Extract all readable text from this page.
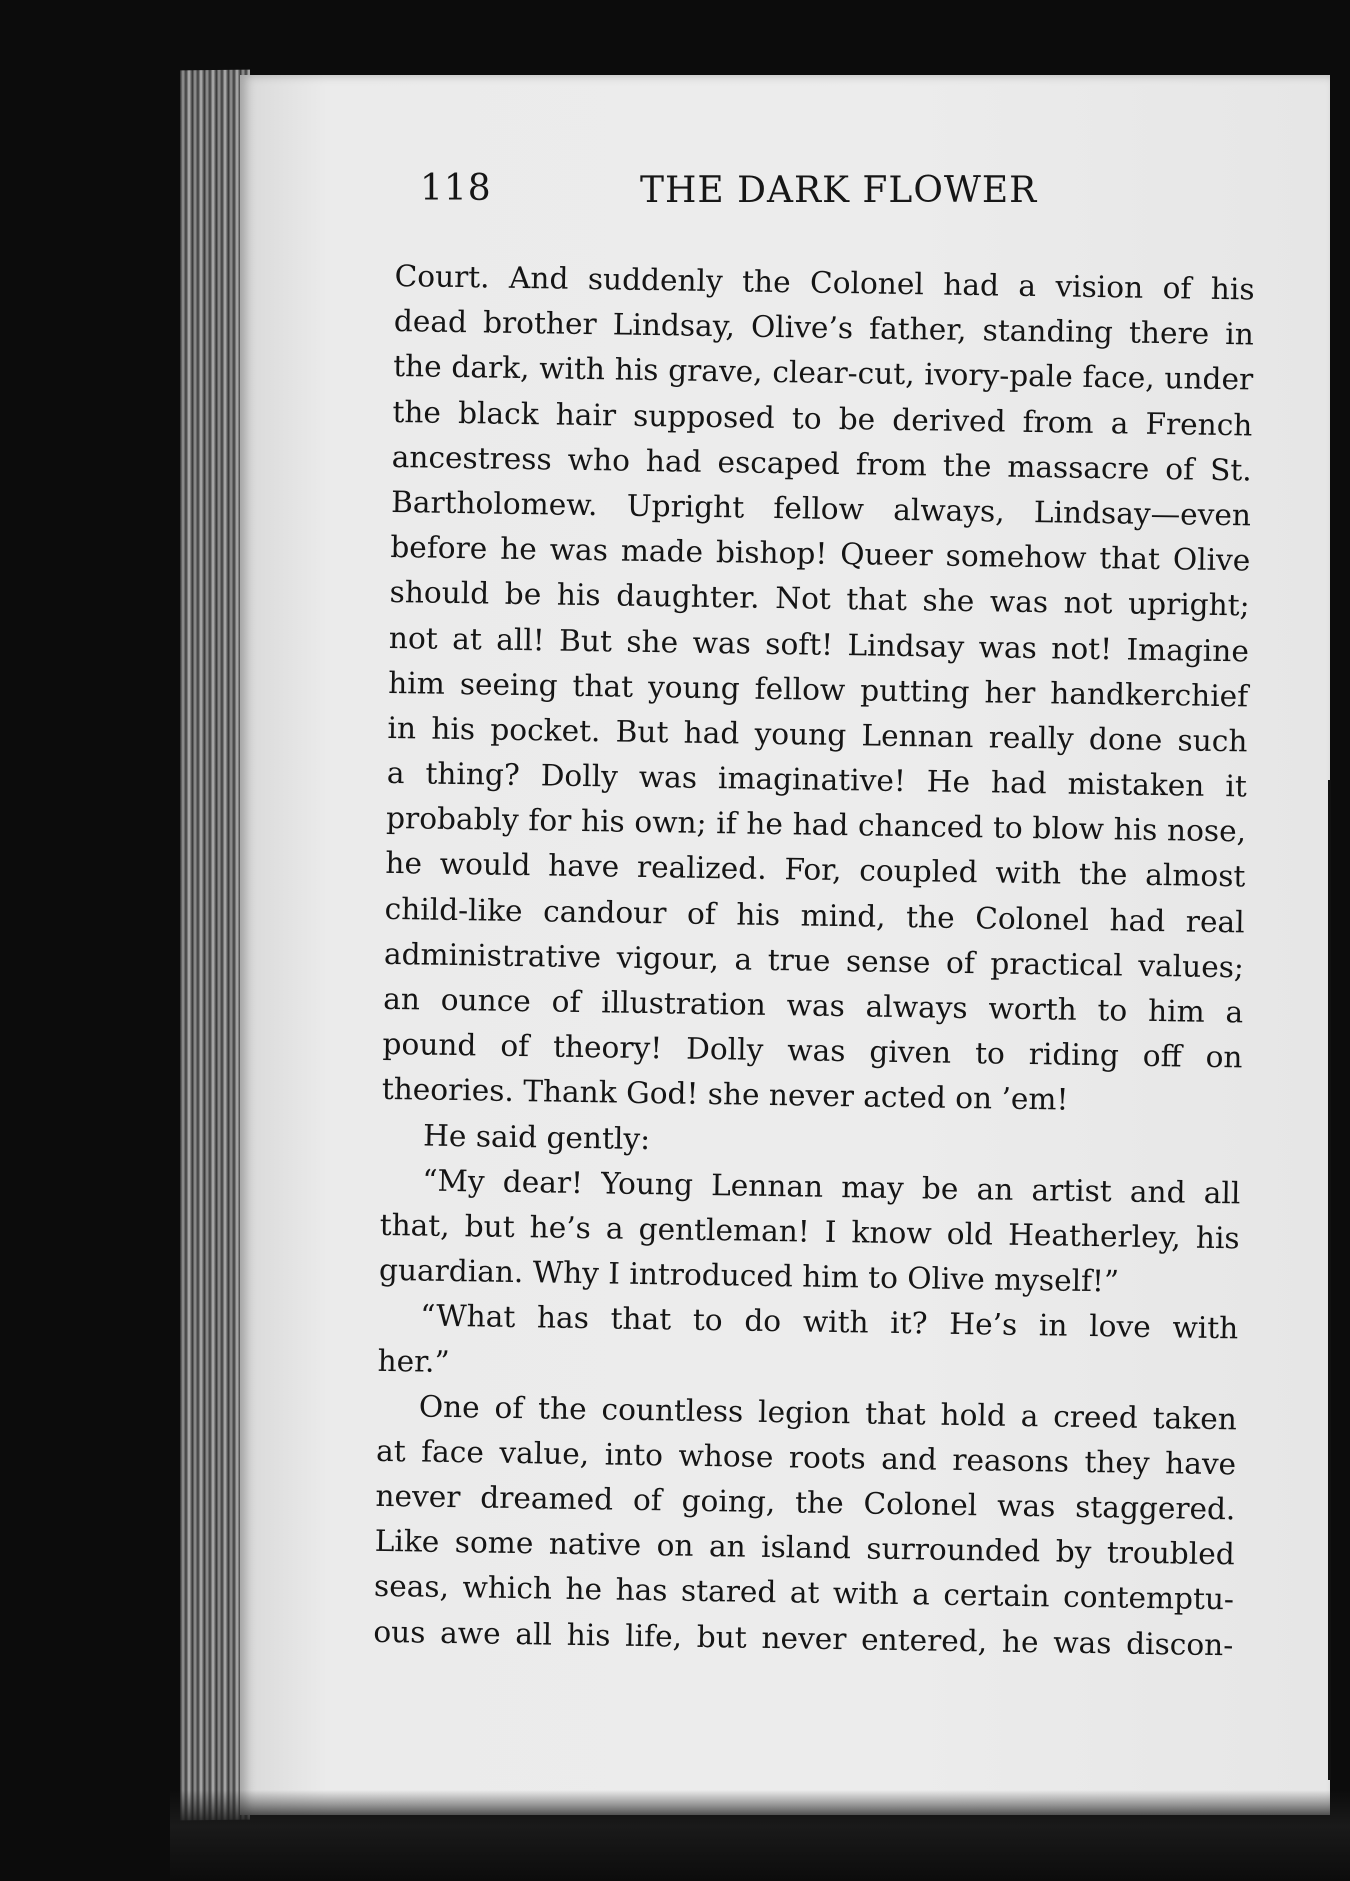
118	THE DARK FLOWER
Court. And suddenly the Colonel had a vision of his
dead brother Lindsay, Olive’s father, standing there in
the dark, with his grave, clear-cut, ivory-pale face, under
the black hair supposed to be derived from a French
ancestress who had escaped from the massacre of St.
Bartholomew. Upright fellow always, Lindsay—even
before he was made bishop! Queer somehow that Olive
should be his daughter. Not that she was not upright;
not at all! But she was soft! Lindsay was not! Imagine
him seeing that young fellow putting her handkerchief
in his pocket. But had young Lennan really done such
a thing? Dolly was imaginative! He had mistaken it
probably for his own; if he had chanced to blow his nose,
he would have realized. For, coupled with the almost
child-like candour of his mind, the Colonel had real
administrative vigour, a true sense of practical values;
an ounce of illustration was always worth to him a
pound of theory! Dolly was given to riding off on
theories. Thank God! she never acted on ’em!
He said gently:
“My dear! Young Lennan may be an artist and all
that, but he’s a gentleman! I know old Heatherley, his
guardian. Why I introduced him to Olive myself!”
“What has that to do with it? He’s in love with
her.”
One of the countless legion that hold a creed taken
at face value, into whose roots and reasons they have
never dreamed of going, the Colonel was staggered.
Like some native on an island surrounded by troubled
seas, which he has stared at with a certain contemptu-
ous awe all his life, but never entered, he was discon-
